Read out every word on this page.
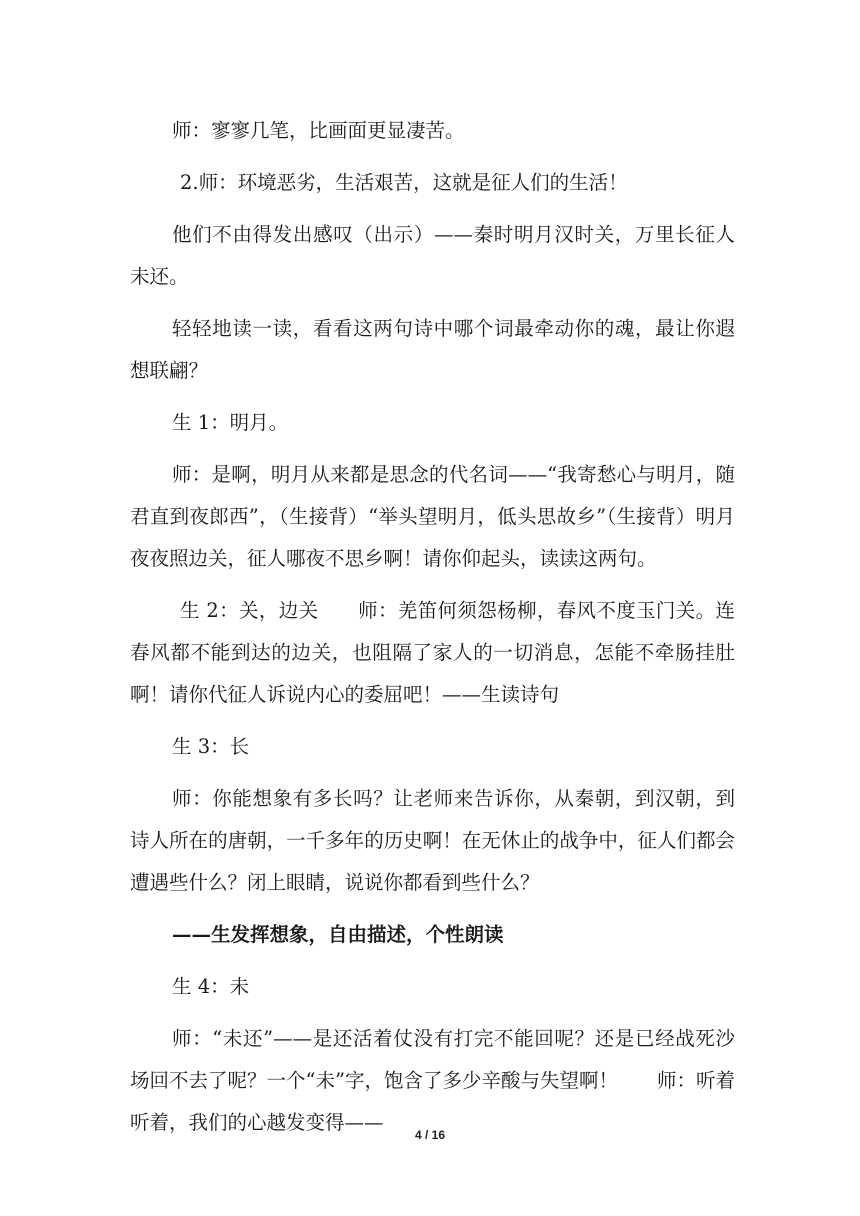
师：寥寥几笔，比画面更显凄苦。

2.师：环境恶劣，生活艰苦，这就是征人们的生活！

他们不由得发出感叹（出示）——秦时明月汉时关，万里长征人未还。

轻轻地读一读，看看这两句诗中哪个词最牵动你的魂，最让你遐想联翩？

生 1：明月。

师：是啊，明月从来都是思念的代名词——“我寄愁心与明月，随君直到夜郎西”，（生接背）“举头望明月，低头思故乡”（生接背）明月夜夜照边关，征人哪夜不思乡啊！请你仰起头，读读这两句。

生 2：关，边关　　师：羌笛何须怨杨柳，春风不度玉门关。连春风都不能到达的边关，也阻隔了家人的一切消息，怎能不牵肠挂肚啊！请你代征人诉说内心的委屈吧！——生读诗句

生 3：长

师：你能想象有多长吗？让老师来告诉你，从秦朝，到汉朝，到诗人所在的唐朝，一千多年的历史啊！在无休止的战争中，征人们都会遭遇些什么？闭上眼睛，说说你都看到些什么？

——生发挥想象，自由描述，个性朗读

生 4：未

师：“未还”——是还活着仗没有打完不能回呢？还是已经战死沙场回不去了呢？一个“未”字，饱含了多少辛酸与失望啊！　　师：听着听着，我们的心越发变得——

4 / 16
